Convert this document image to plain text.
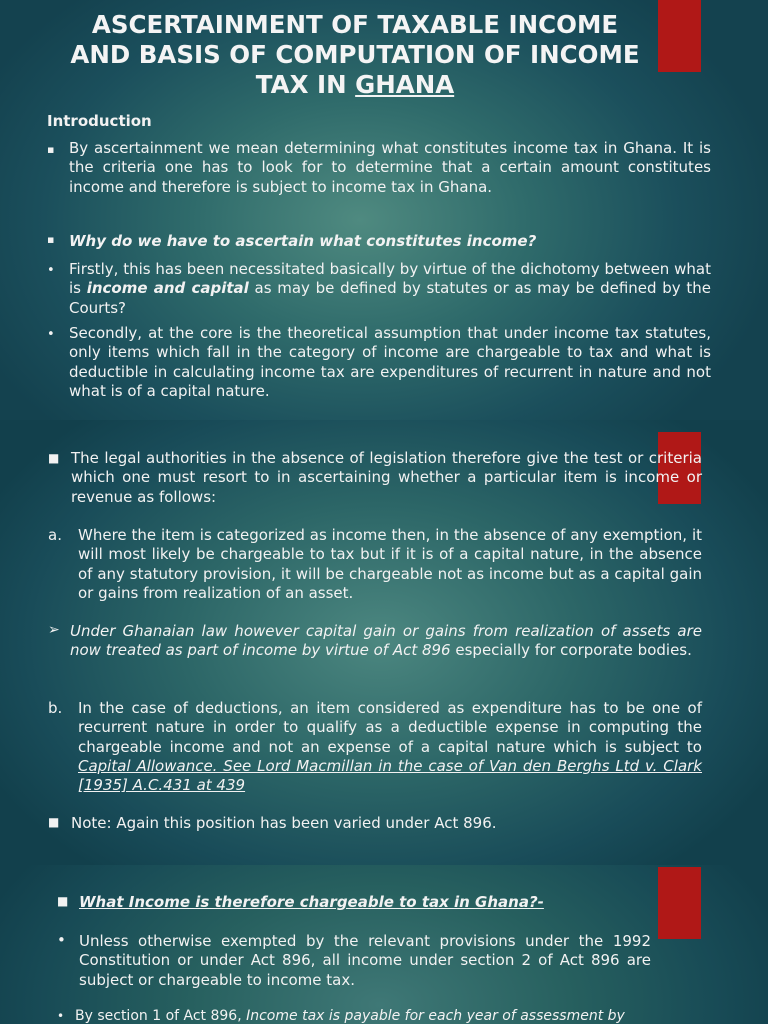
ASCERTAINMENT OF TAXABLE INCOME AND BASIS OF COMPUTATION OF INCOME TAX IN GHANA
Introduction
▪ By ascertainment we mean determining what constitutes income tax in Ghana. It is the criteria one has to look for to determine that a certain amount constitutes income and therefore is subject to income tax in Ghana.
▪ Why do we have to ascertain what constitutes income?
• Firstly, this has been necessitated basically by virtue of the dichotomy between what is income and capital as may be defined by statutes or as may be defined by the Courts?
• Secondly, at the core is the theoretical assumption that under income tax statutes, only items which fall in the category of income are chargeable to tax and what is deductible in calculating income tax are expenditures of recurrent in nature and not what is of a capital nature.
■ The legal authorities in the absence of legislation therefore give the test or criteria which one must resort to in ascertaining whether a particular item is income or revenue as follows:
a. Where the item is categorized as income then, in the absence of any exemption, it will most likely be chargeable to tax but if it is of a capital nature, in the absence of any statutory provision, it will be chargeable not as income but as a capital gain or gains from realization of an asset.
➢ Under Ghanaian law however capital gain or gains from realization of assets are now treated as part of income by virtue of Act 896 especially for corporate bodies.
b. In the case of deductions, an item considered as expenditure has to be one of recurrent nature in order to qualify as a deductible expense in computing the chargeable income and not an expense of a capital nature which is subject to Capital Allowance. See Lord Macmillan in the case of Van den Berghs Ltd v. Clark [1935] A.C.431 at 439
■ Note: Again this position has been varied under Act 896.
■ What Income is therefore chargeable to tax in Ghana?-
• Unless otherwise exempted by the relevant provisions under the 1992 Constitution or under Act 896, all income under section 2 of Act 896 are subject or chargeable to income tax.
• By section 1 of Act 896, Income tax is payable for each year of assessment by
